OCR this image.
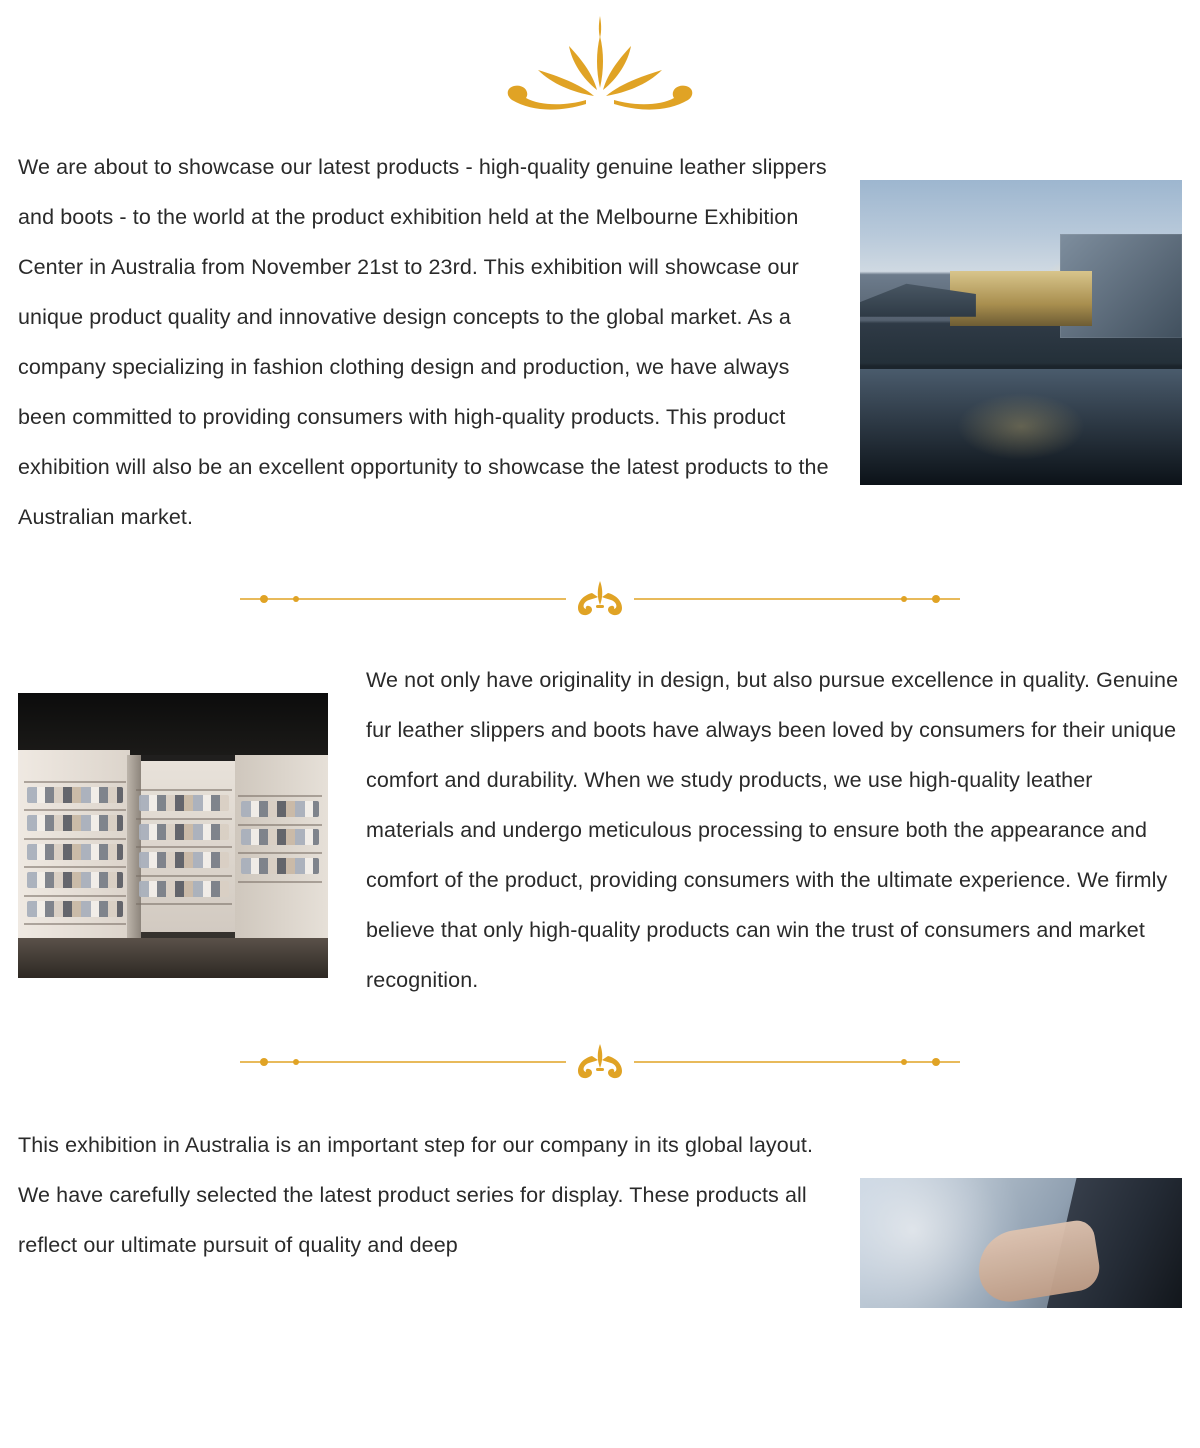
We are about to showcase our latest products - high-quality genuine leather slippers and boots - to the world at the product exhibition held at the Melbourne Exhibition Center in Australia from November 21st to 23rd. This exhibition will showcase our unique product quality and innovative design concepts to the global market. As a company specializing in fashion clothing design and production, we have always been committed to providing consumers with high-quality products. This product exhibition will also be an excellent opportunity to showcase the latest products to the Australian market.

We not only have originality in design, but also pursue excellence in quality. Genuine fur leather slippers and boots have always been loved by consumers for their unique comfort and durability. When we study products, we use high-quality leather materials and undergo meticulous processing to ensure both the appearance and comfort of the product, providing consumers with the ultimate experience. We firmly believe that only high-quality products can win the trust of consumers and market recognition.

This exhibition in Australia is an important step for our company in its global layout. We have carefully selected the latest product series for display. These products all reflect our ultimate pursuit of quality and deep
